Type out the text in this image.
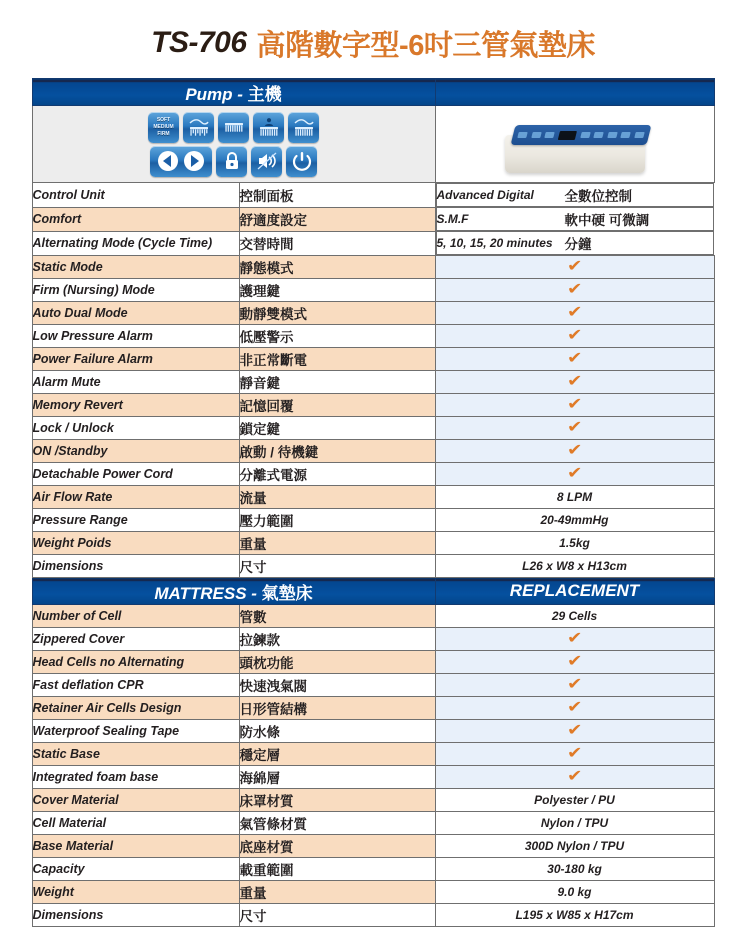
TS-706 高階數字型-6吋三管氣墊床
Pump - 主機		

SOFT
MEDIUM
FIRM		

Control Unit	控制面板		Advanced Digital	全數位控制

Comfort	舒適度設定		S.M.F	軟中硬 可微調

Alternating Mode (Cycle Time)	交替時間		5, 10, 15, 20 minutes 分鐘

Static Mode	靜態模式	✔
Firm (Nursing) Mode	護理鍵	✔
Auto Dual Mode	動靜雙模式	✔
Low Pressure Alarm	低壓警示	✔
Power Failure Alarm	非正常斷電	✔
Alarm Mute	靜音鍵	✔
Memory Revert	記憶回覆	✔
Lock / Unlock	鎖定鍵	✔
ON /Standby	啟動 / 待機鍵	✔
Detachable Power Cord	分離式電源	✔
Air Flow Rate	流量	8 LPM
Pressure Range	壓力範圍	20-49mmHg
Weight Poids	重量	1.5kg
Dimensions	尺寸	L26 x W8 x H13cm

MATTRESS - 氣墊床		REPLACEMENT

Number of Cell	管數	29 Cells
Zippered Cover	拉鍊款	✔
Head Cells no Alternating	頭枕功能	✔
Fast deflation CPR	快速洩氣閥	✔
Retainer Air Cells Design	日形管結構	✔
Waterproof Sealing Tape	防水條	✔
Static Base	穩定層	✔
Integrated foam base	海綿層	✔
Cover Material	床罩材質	Polyester / PU
Cell Material	氣管條材質	Nylon / TPU
Base Material	底座材質	300D Nylon / TPU
Capacity	載重範圍	30-180 kg
Weight	重量	9.0 kg
Dimensions	尺寸	L195 x W85 x H17cm
